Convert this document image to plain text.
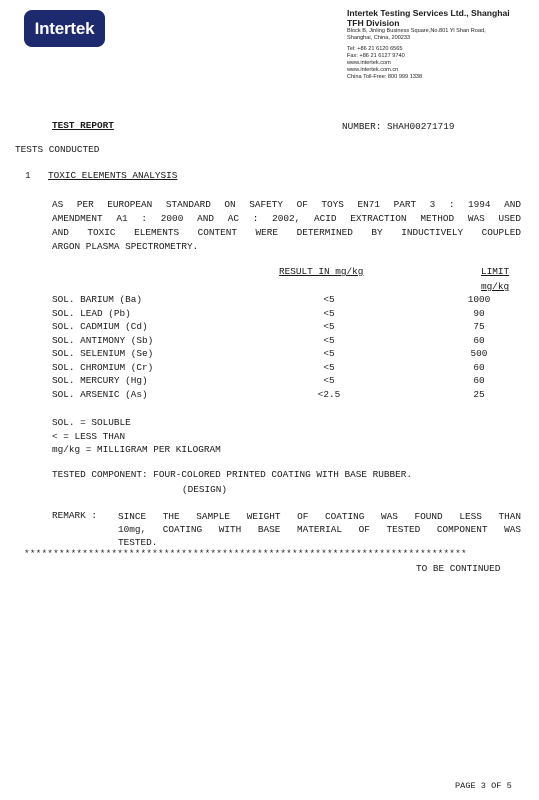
Intertek
Intertek Testing Services Ltd., Shanghai
TFH Division
Block B, Jinling Business Square,No.801 Yi Shan Road,
Shanghai, China, 200233
Tel: +86 21 6120 6565
Fax: +86 21 6127 9740
www.intertek.com
www.intertek.com.cn
China Toll-Free: 800 999 1338
TEST REPORT	NUMBER: SHAH00271719
TESTS CONDUCTED
1 TOXIC ELEMENTS ANALYSIS
AS PER EUROPEAN STANDARD ON SAFETY OF TOYS EN71 PART 3 : 1994 AND
AMENDMENT A1 : 2000 AND AC : 2002, ACID EXTRACTION METHOD WAS USED
AND TOXIC ELEMENTS CONTENT WERE DETERMINED BY INDUCTIVELY COUPLED
ARGON PLASMA SPECTROMETRY.
RESULT IN mg/kg	LIMIT
mg/kg
SOL. BARIUM (Ba)	<5	1000
SOL. LEAD (Pb)	<5	90
SOL. CADMIUM (Cd)	<5	75
SOL. ANTIMONY (Sb)	<5	60
SOL. SELENIUM (Se)	<5	500
SOL. CHROMIUM (Cr)	<5	60
SOL. MERCURY (Hg)	<5	60
SOL. ARSENIC (As)	<2.5	25
SOL. = SOLUBLE
< = LESS THAN
mg/kg = MILLIGRAM PER KILOGRAM
TESTED COMPONENT: FOUR-COLORED PRINTED COATING WITH BASE RUBBER.
(DESIGN)
REMARK : SINCE THE SAMPLE WEIGHT OF COATING WAS FOUND LESS THAN
10mg, COATING WITH BASE MATERIAL OF TESTED COMPONENT WAS
TESTED.
****************************************************************************
TO BE CONTINUED
PAGE 3 OF 5
